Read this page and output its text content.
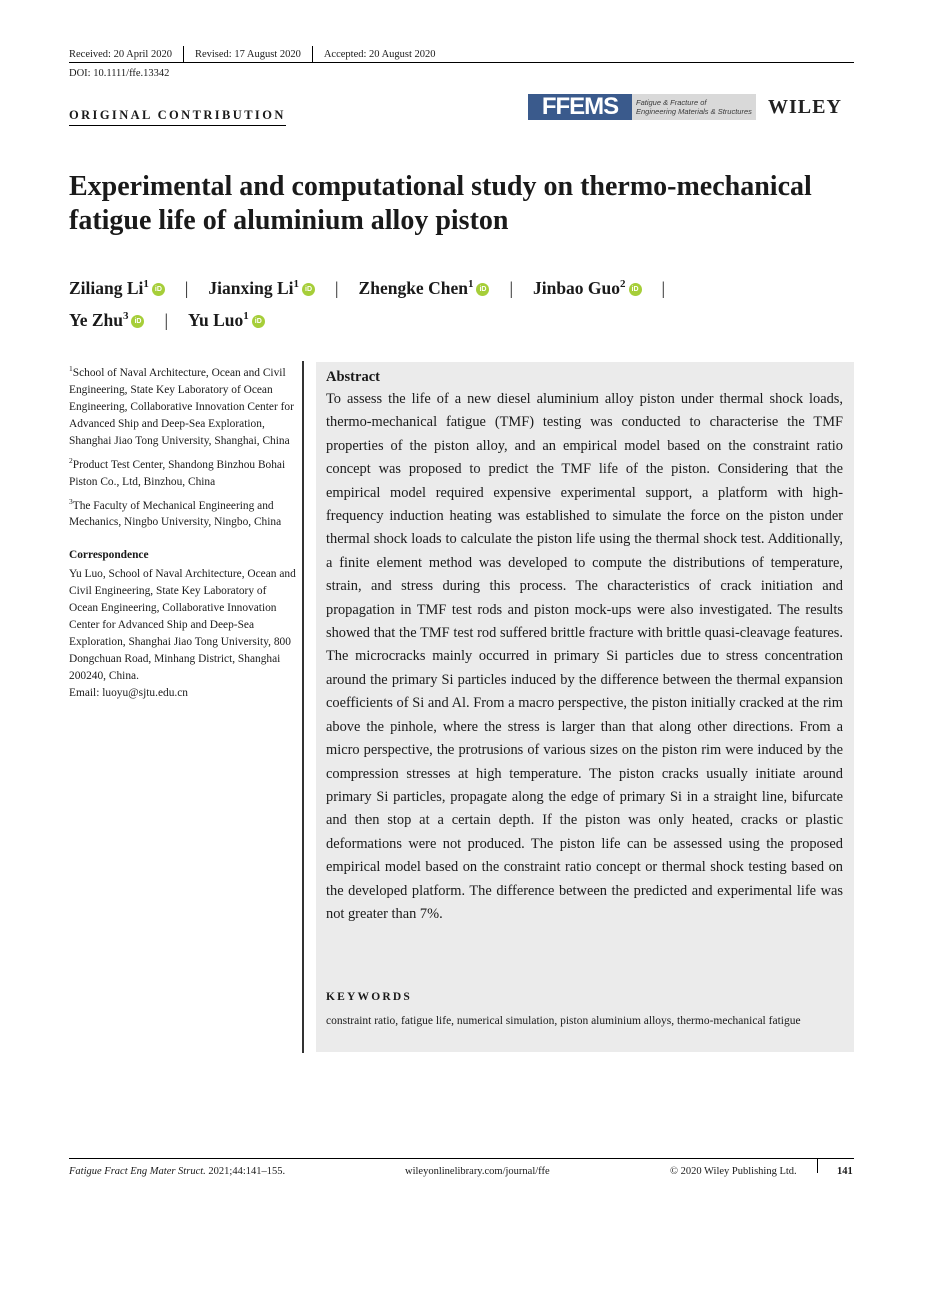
Received: 20 April 2020 Revised: 17 August 2020 Accepted: 20 August 2020
DOI: 10.1111/ffe.13342
ORIGINAL CONTRIBUTION	FFEMS	Fatigue & Fracture of
Engineering Materials & Structures WILEY
Experimental and computational study on thermo-mechanical fatigue life of aluminium alloy piston
Ziliang Li$^1$ iD | Jianxing Li$^1$ iD | Zhengke Chen$^1$ iD | Jinbao Guo$^2$ iD |
Ye Zhu$^3$ iD | Yu Luo$^1$ iD

$^1$School of Naval Architecture, Ocean and Civil Engineering, State Key Laboratory of Ocean Engineering, Collaborative Innovation Center for Advanced Ship and Deep-Sea Exploration, Shanghai Jiao Tong University, Shanghai, China

$^2$Product Test Center, Shandong Binzhou Bohai Piston Co., Ltd, Binzhou, China

$^3$The Faculty of Mechanical Engineering and Mechanics, Ningbo University, Ningbo, China

Correspondence

Yu Luo, School of Naval Architecture, Ocean and Civil Engineering, State Key Laboratory of Ocean Engineering, Collaborative Innovation Center for Advanced Ship and Deep-Sea Exploration, Shanghai Jiao Tong University, 800 Dongchuan Road, Minhang District, Shanghai 200240, China.
Email: luoyu@sjtu.edu.cn

Abstract
To assess the life of a new diesel aluminium alloy piston under thermal shock loads, thermo-mechanical fatigue (TMF) testing was conducted to characterise the TMF properties of the piston alloy, and an empirical model based on the constraint ratio concept was proposed to predict the TMF life of the piston. Considering that the empirical model required expensive experimental support, a platform with high-frequency induction heating was established to simulate the force on the piston under thermal shock loads to calculate the piston life using the thermal shock test. Additionally, a finite element method was developed to compute the distributions of temperature, strain, and stress during this process. The characteristics of crack initiation and propagation in TMF test rods and piston mock-ups were also investigated. The results showed that the TMF test rod suffered brittle fracture with brittle quasi-cleavage features. The microcracks mainly occurred in primary Si particles due to stress concentration around the primary Si particles induced by the difference between the thermal expansion coefficients of Si and Al. From a macro perspective, the piston initially cracked at the rim above the pinhole, where the stress is larger than that along other directions. From a micro perspective, the protrusions of various sizes on the piston rim were induced by the compression stresses at high temperature. The piston cracks usually initiate around primary Si particles, propagate along the edge of primary Si in a straight line, bifurcate and then stop at a certain depth. If the piston was only heated, cracks or plastic deformations were not produced. The piston life can be assessed using the proposed empirical model based on the constraint ratio concept or thermal shock testing based on the developed platform. The difference between the predicted and experimental life was not greater than 7%.
KEYWORDS
constraint ratio, fatigue life, numerical simulation, piston aluminium alloys, thermo-mechanical fatigue
Fatigue Fract Eng Mater Struct. 2021;44:141–155.	wileyonlinelibrary.com/journal/ffe	© 2020 Wiley Publishing Ltd.	141
